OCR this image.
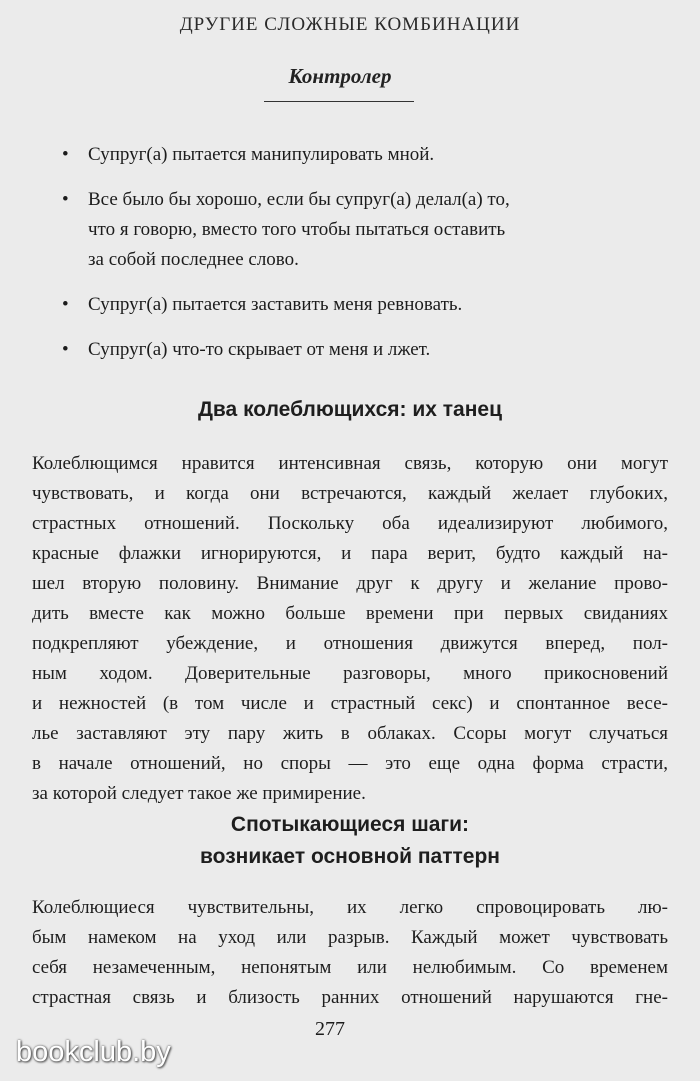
ДРУГИЕ СЛОЖНЫЕ КОМБИНАЦИИ
Контролер
• Супруг(а) пытается манипулировать мной.
• Все было бы хорошо, если бы супруг(а) делал(а) то,
что я говорю, вместо того чтобы пытаться оставить
за собой последнее слово.
• Супруг(а) пытается заставить меня ревновать.
• Супруг(а) что-то скрывает от меня и лжет.
Два колеблющихся: их танец
Колеблющимся нравится интенсивная связь, которую они могут
чувствовать, и когда они встречаются, каждый желает глубоких,
страстных отношений. Поскольку оба идеализируют любимого,
красные флажки игнорируются, и пара верит, будто каждый на-
шел вторую половину. Внимание друг к другу и желание прово-
дить вместе как можно больше времени при первых свиданиях
подкрепляют убеждение, и отношения движутся вперед, пол-
ным ходом. Доверительные разговоры, много прикосновений
и нежностей (в том числе и страстный секс) и спонтанное весе-
лье заставляют эту пару жить в облаках. Ссоры могут случаться
в начале отношений, но споры — это еще одна форма страсти,
за которой следует такое же примирение.
Спотыкающиеся шаги:
возникает основной паттерн
Колеблющиеся чувствительны, их легко спровоцировать лю-
бым намеком на уход или разрыв. Каждый может чувствовать
себя незамеченным, непонятым или нелюбимым. Со временем
страстная связь и близость ранних отношений нарушаются гне-
277
bookclub.by
